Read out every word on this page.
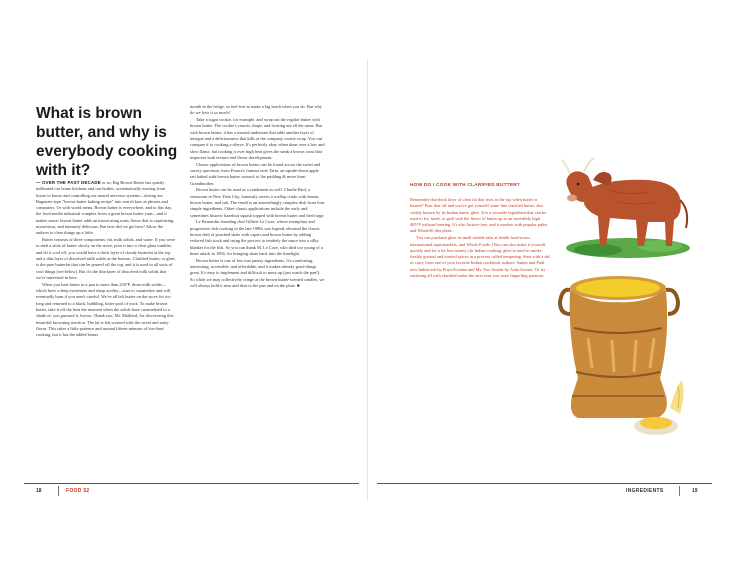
What is brown butter, and why is everybody cooking with it?

— OVER THE PAST DECADE or so, Big Brown Butter has quietly infiltrated our home kitchens and our bodies, systematically moving from house to house and controlling our neural universe systems—dosing our Bagonies-type "brown butter baking recipe" into search bars as phones and computers. Or with world menu. Brown butter is everywhere, and to this day, the food-media industrial complex loves a great brown butter yarn—and it makes sense: brown butter adds an intoxicating nutty flavor that is captivating, mysterious, and intensely delicious. But how did we get here? Allow the authors to clear things up a little.

Butter consists of three components: fat, milk solids, and water. If you were to melt a stick of butter slowly on the stove, pour it into a clear glass tumbler, and let it cool off, you would have a thick layer of cloudy butterfat at the top and a thin layer of dissolved milk solids at the bottom. Clarified butter, or ghee, is the pure butterfat that can be poured off the top, and it is used in all sorts of cool things (see below). But it's the thin layer of dissolved milk solids that we're interested in here.

When you heat butter in a pan to more than 250°F, those milk solids—which have a deep sweetness and sharp acidity—start to caramelize and will eventually burn if you aren't careful. We've all left butter on the stove for too long and returned to a black, bubbling, bitter pool of yuck. To make brown butter, take it off the heat the moment when the solids have caramelized to a shade of, you guessed it, brown. Thank you, Mr. Maillard, for discovering this beautiful browning reaction. The fat is left scented with the sweet and nutty flavor. This takes a little patience and around fifteen minutes of low-heat cooking, but it has the added bonus

month in the fridge, so feel free to make a big batch when you do. But why do we love it so much?

Take a sugar cookie, for example, and swap out the regular butter with brown butter. The cookie's crunch, shape, and frosting are all the same. But with brown butter, it has a toasted undertone that adds another layer of intrigue and a deliciousness that kills at the company cookie swap. You can compare it to cooking a ribeye. It's perfectly okay when done over a low and slow flame, but cooking it over high heat gives the steak a brown crust that improves both texture and flavor development.

Classic applications of brown butter can be found across the sweet and savory spectrum, from France's famous tarte Tatin, an upside-down apple tart baked with brown butter custard, to the pudding & more from Grandmother.

Brown butter can be used as a condiment as well. Charlie Bird, a restaurant in New York City, famously serves a scallop crudo with lemon, brown butter, and salt. The result is an astonishingly complex dish from four simple ingredients. Other classic applications include the early and sometimes historic hazelnut squash topped with brown butter and fried sage.

Le Bernardin founding chef Gilbert Le Coze, whose exemplary and progressive fish cooking in the late 1980s was legend, elevated the classic brown dish of poached skate with capers and brown butter by adding reduced fish stock and using the process to tenderly the sauce into a silky blanket for the fish. So you can thank M. Le Coze, who died too young of a heart attack in 1994, for bringing skate back into the limelight.

Brown butter is one of few true pantry ingredients. It's comforting, interesting, accessible, and affordable, and it makes already good things great. It's easy to implement and difficult to mess up (just watch the pan!). So while we may collectively cringe at the brown butter-scented candles, we will always hold it near and dear to the pan and on the plate. ■

HOW DO I COOK WITH CLARIFIED BUTTER?

Remember that thick layer of clear fat that rises to the top when butter is heated? Pour that off and you've got yourself some fine clarified butter, also widely known by its Indian name, ghee. It is a versatile ingredient that can be used to fry, sauté, or grill with the flavor of butter up to an incredibly high 485°F without burning. It's also lactose-free, and it mashes with popular paleo and Whole30 diet plans.

You can purchase ghee in small sizable tubs at health food stores, international supermarkets, and Whole Foods. (You can also make it yourself quickly and for a lot less money.) In Indian cooking, ghee is used to smoke freshly ground and toasted spices in a process called tempering. Start with a dal or curry from one of your favorite Indian cookbook authors. Santar and Patil new Indian-ish by Priya Krishna and My Two Souths by Asha Gomez. Or try replacing all with clarified butter the next time you roast fingerling potatoes.

18	FOOD 52	INGREDIENTS	19
